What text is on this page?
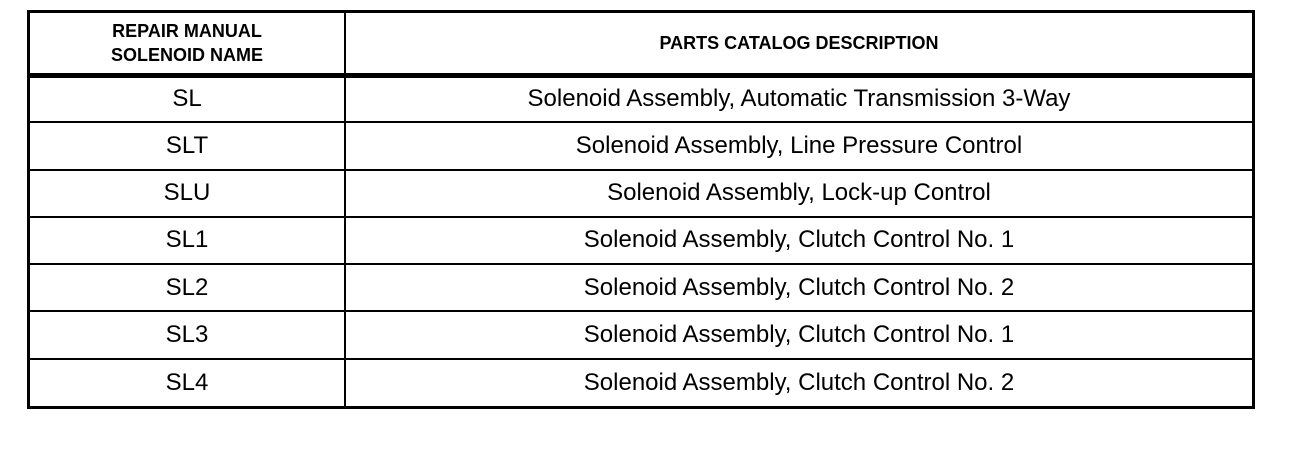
REPAIR MANUAL
SOLENOID NAME	PARTS CATALOG DESCRIPTION
SL	Solenoid Assembly, Automatic Transmission 3-Way
SLT	Solenoid Assembly, Line Pressure Control
SLU	Solenoid Assembly, Lock-up Control
SL1	Solenoid Assembly, Clutch Control No. 1
SL2	Solenoid Assembly, Clutch Control No. 2
SL3	Solenoid Assembly, Clutch Control No. 1
SL4	Solenoid Assembly, Clutch Control No. 2
